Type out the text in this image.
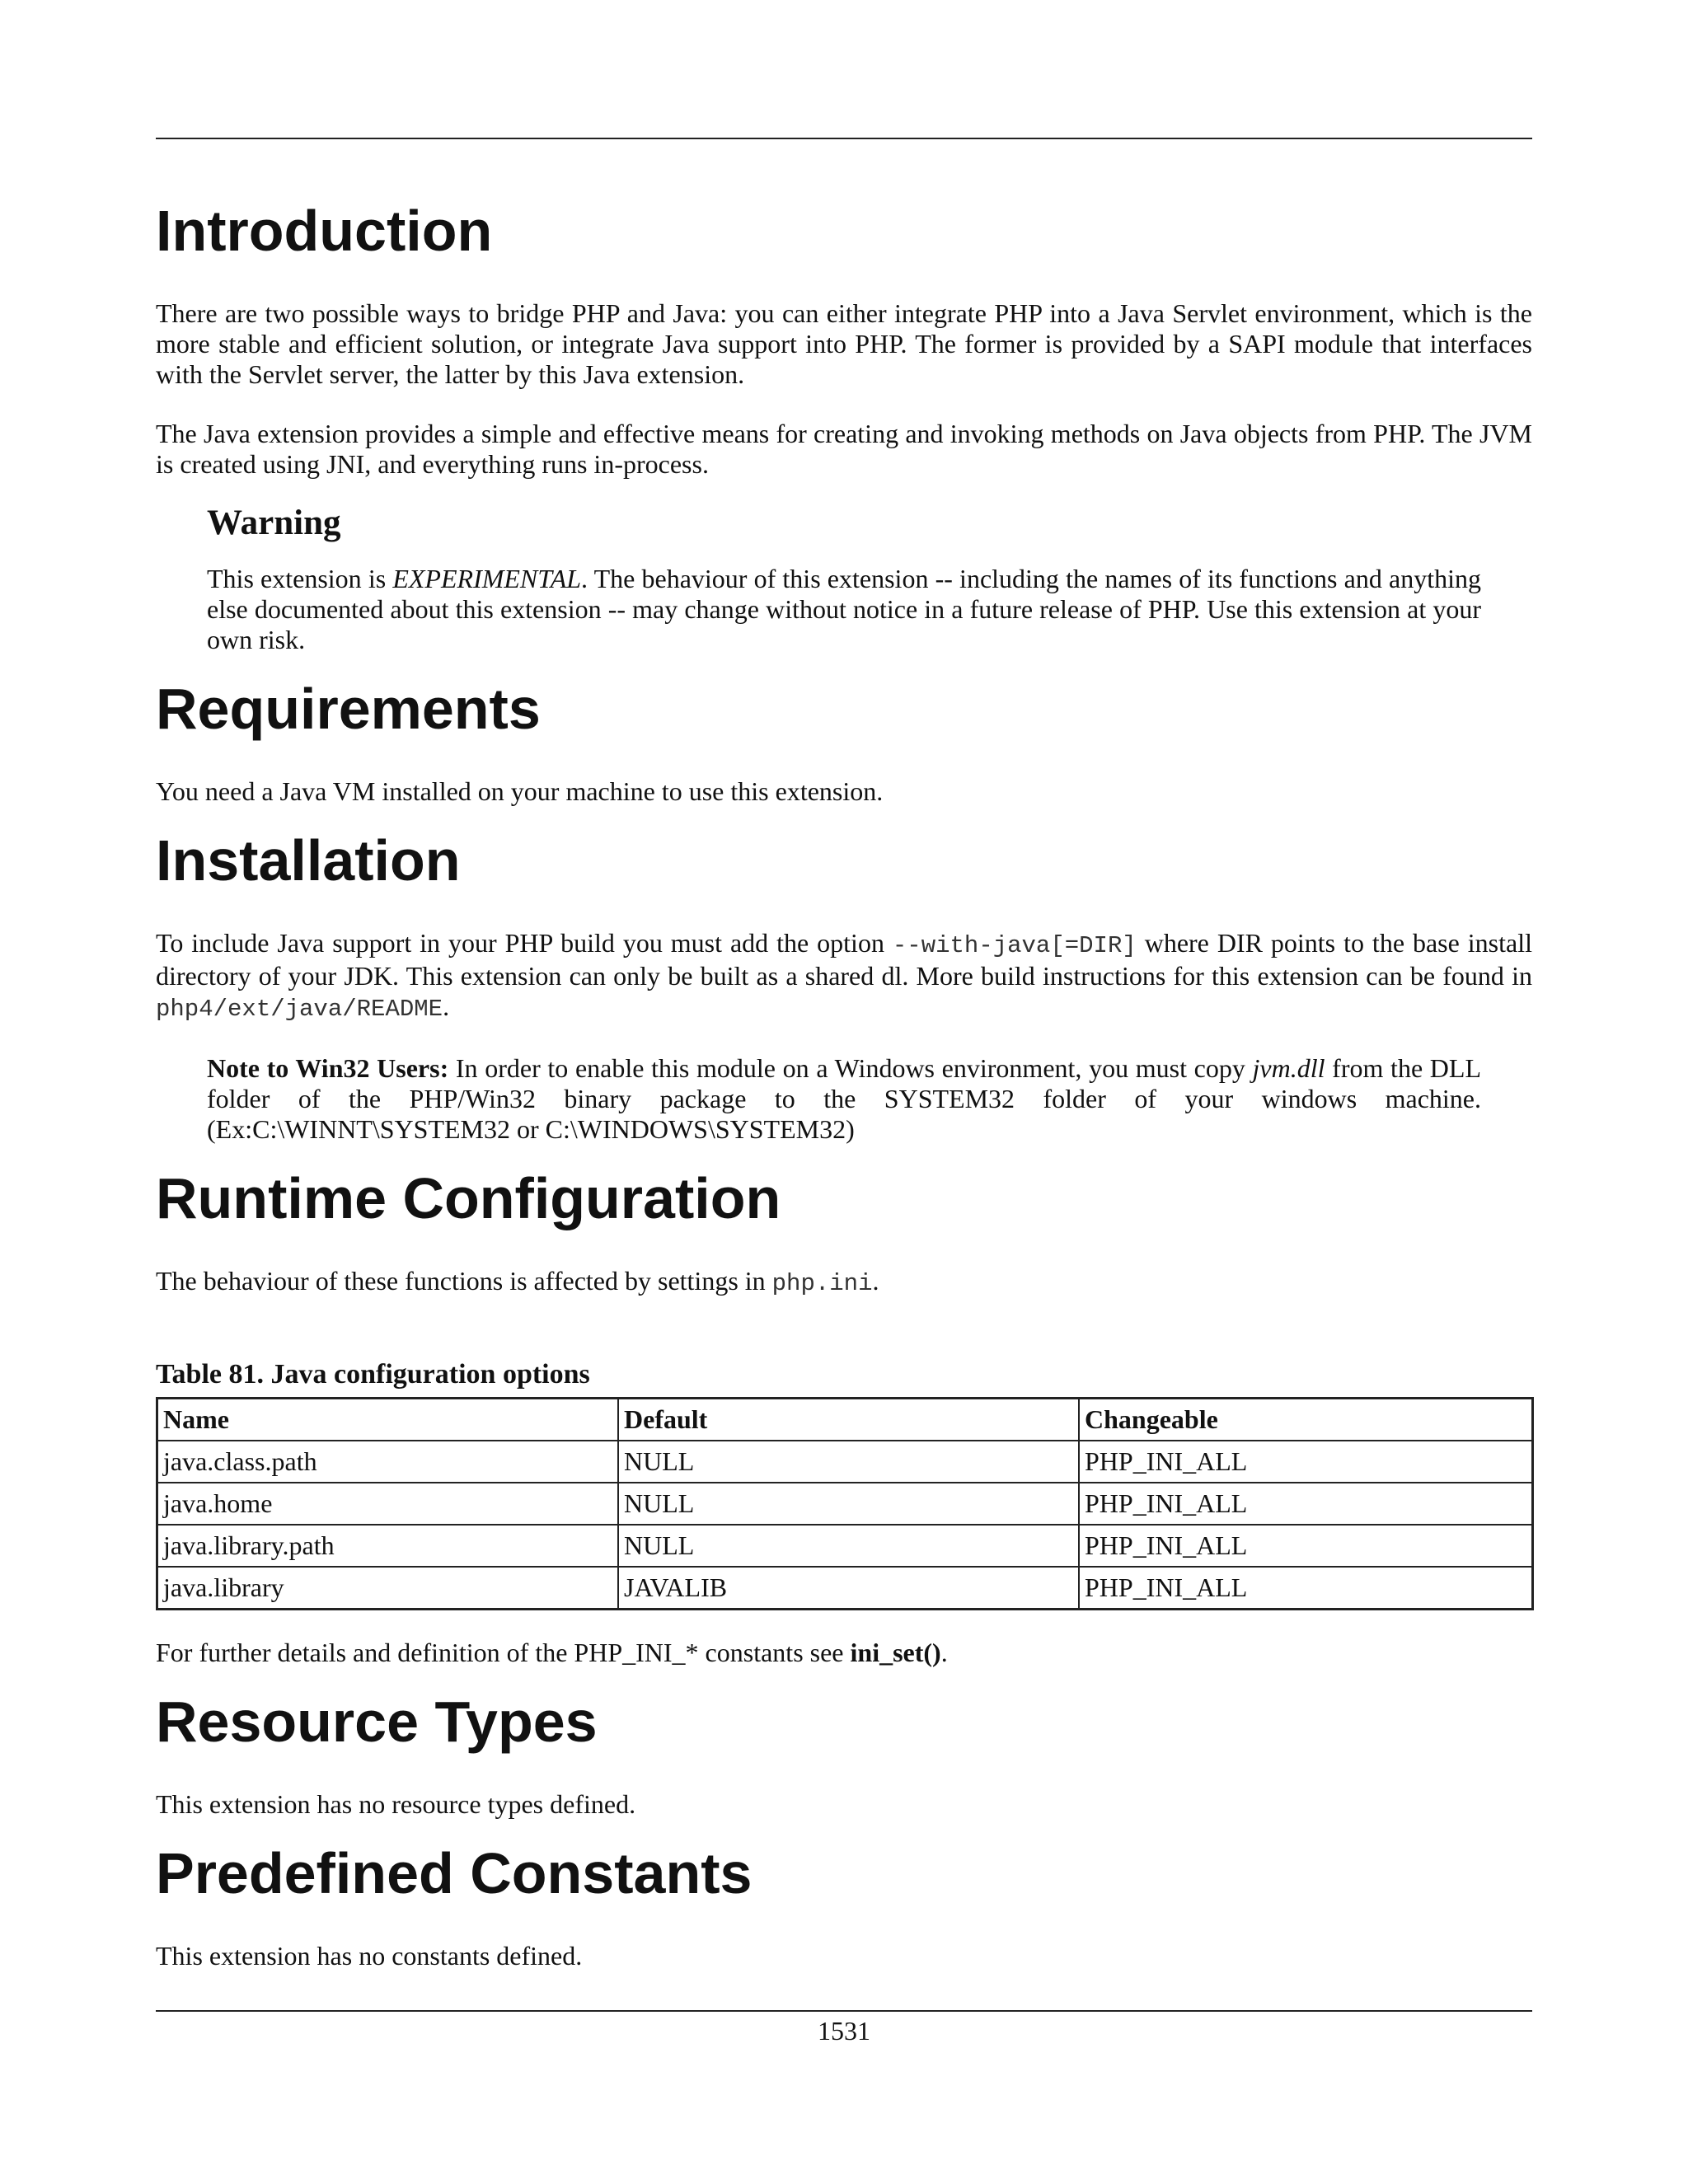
Introduction

There are two possible ways to bridge PHP and Java: you can either integrate PHP into a Java Servlet environment, which is the more stable and efficient solution, or integrate Java support into PHP. The former is provided by a SAPI module that interfaces with the Servlet server, the latter by this Java extension.

The Java extension provides a simple and effective means for creating and invoking methods on Java objects from PHP. The JVM is created using JNI, and everything runs in-process.

Warning

This extension is EXPERIMENTAL. The behaviour of this extension -- including the names of its functions and anything else documented about this extension -- may change without notice in a future release of PHP. Use this extension at your own risk.

Requirements

You need a Java VM installed on your machine to use this extension.

Installation

To include Java support in your PHP build you must add the option --with-java[=DIR] where DIR points to the base install directory of your JDK. This extension can only be built as a shared dl. More build instructions for this extension can be found in php4/ext/java/README.

Note to Win32 Users: In order to enable this module on a Windows environment, you must copy jvm.dll from the DLL folder of the PHP/Win32 binary package to the SYSTEM32 folder of your windows machine. (Ex:C:\WINNT\SYSTEM32 or C:\WINDOWS\SYSTEM32)

Runtime Configuration

The behaviour of these functions is affected by settings in php.ini.

Table 81. Java configuration options
Name	Default	Changeable
java.class.path	NULL	PHP_INI_ALL
java.home	NULL	PHP_INI_ALL
java.library.path	NULL	PHP_INI_ALL
java.library	JAVALIB	PHP_INI_ALL

For further details and definition of the PHP_INI_* constants see ini_set().

Resource Types

This extension has no resource types defined.

Predefined Constants

This extension has no constants defined.

1531
